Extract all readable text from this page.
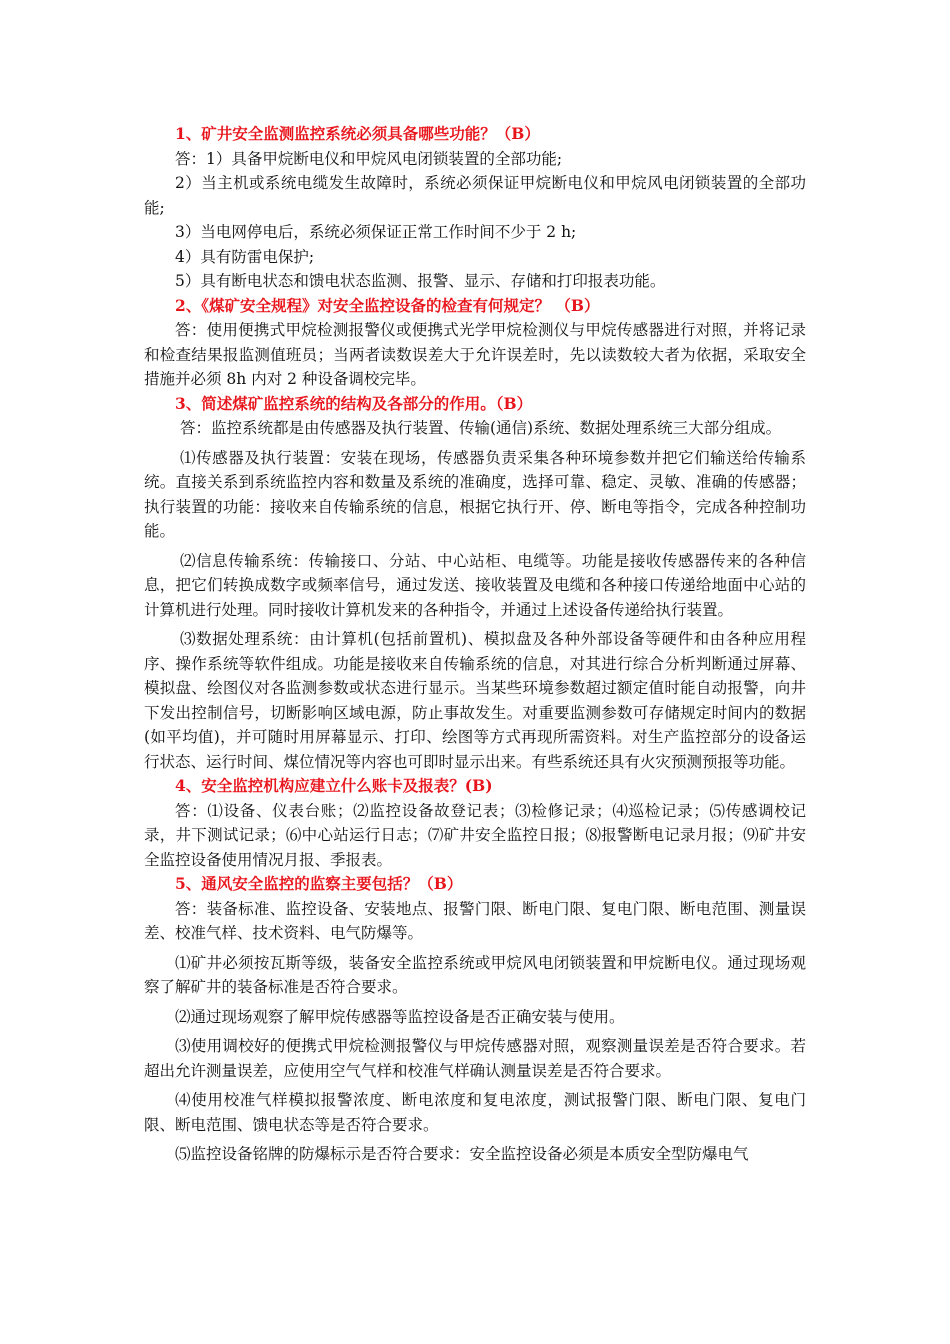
1、矿井安全监测监控系统必须具备哪些功能？（B）

答：1）具备甲烷断电仪和甲烷风电闭锁装置的全部功能;

2）当主机或系统电缆发生故障时，系统必须保证甲烷断电仪和甲烷风电闭锁装置的全部功能;

3）当电网停电后，系统必须保证正常工作时间不少于 2 h;

4）具有防雷电保护;

5）具有断电状态和馈电状态监测、报警、显示、存储和打印报表功能。

2、《煤矿安全规程》对安全监控设备的检查有何规定？ （B）

答：使用便携式甲烷检测报警仪或便携式光学甲烷检测仪与甲烷传感器进行对照，并将记录和检查结果报监测值班员；当两者读数误差大于允许误差时，先以读数较大者为依据，采取安全措施并必须 8h 内对 2 种设备调校完毕。

3、简述煤矿监控系统的结构及各部分的作用。（B）

答：监控系统都是由传感器及执行装置、传输(通信)系统、数据处理系统三大部分组成。

⑴传感器及执行装置：安装在现场，传感器负责采集各种环境参数并把它们输送给传输系统。直接关系到系统监控内容和数量及系统的准确度，选择可靠、稳定、灵敏、准确的传感器；执行装置的功能：接收来自传输系统的信息，根据它执行开、停、断电等指令，完成各种控制功能。

⑵信息传输系统：传输接口、分站、中心站柜、电缆等。功能是接收传感器传来的各种信息，把它们转换成数字或频率信号，通过发送、接收装置及电缆和各种接口传递给地面中心站的计算机进行处理。同时接收计算机发来的各种指令，并通过上述设备传递给执行装置。

⑶数据处理系统：由计算机(包括前置机)、模拟盘及各种外部设备等硬件和由各种应用程序、操作系统等软件组成。功能是接收来自传输系统的信息，对其进行综合分析判断通过屏幕、模拟盘、绘图仪对各监测参数或状态进行显示。当某些环境参数超过额定值时能自动报警，向井下发出控制信号，切断影响区域电源，防止事故发生。对重要监测参数可存储规定时间内的数据(如平均值)，并可随时用屏幕显示、打印、绘图等方式再现所需资料。对生产监控部分的设备运行状态、运行时间、煤位情况等内容也可即时显示出来。有些系统还具有火灾预测预报等功能。

4、安全监控机构应建立什么账卡及报表？(B)

答：⑴设备、仪表台账；⑵监控设备故登记表；⑶检修记录；⑷巡检记录；⑸传感调校记录，井下测试记录；⑹中心站运行日志；⑺矿井安全监控日报；⑻报警断电记录月报；⑼矿井安全监控设备使用情况月报、季报表。

5、通风安全监控的监察主要包括？（B）

答：装备标准、监控设备、安装地点、报警门限、断电门限、复电门限、断电范围、测量误差、校准气样、技术资料、电气防爆等。

⑴矿井必须按瓦斯等级，装备安全监控系统或甲烷风电闭锁装置和甲烷断电仪。通过现场观察了解矿井的装备标准是否符合要求。

⑵通过现场观察了解甲烷传感器等监控设备是否正确安装与使用。

⑶使用调校好的便携式甲烷检测报警仪与甲烷传感器对照，观察测量误差是否符合要求。若超出允许测量误差，应使用空气气样和校准气样确认测量误差是否符合要求。

⑷使用校准气样模拟报警浓度、断电浓度和复电浓度，测试报警门限、断电门限、复电门限、断电范围、馈电状态等是否符合要求。

⑸监控设备铭牌的防爆标示是否符合要求：安全监控设备必须是本质安全型防爆电气
